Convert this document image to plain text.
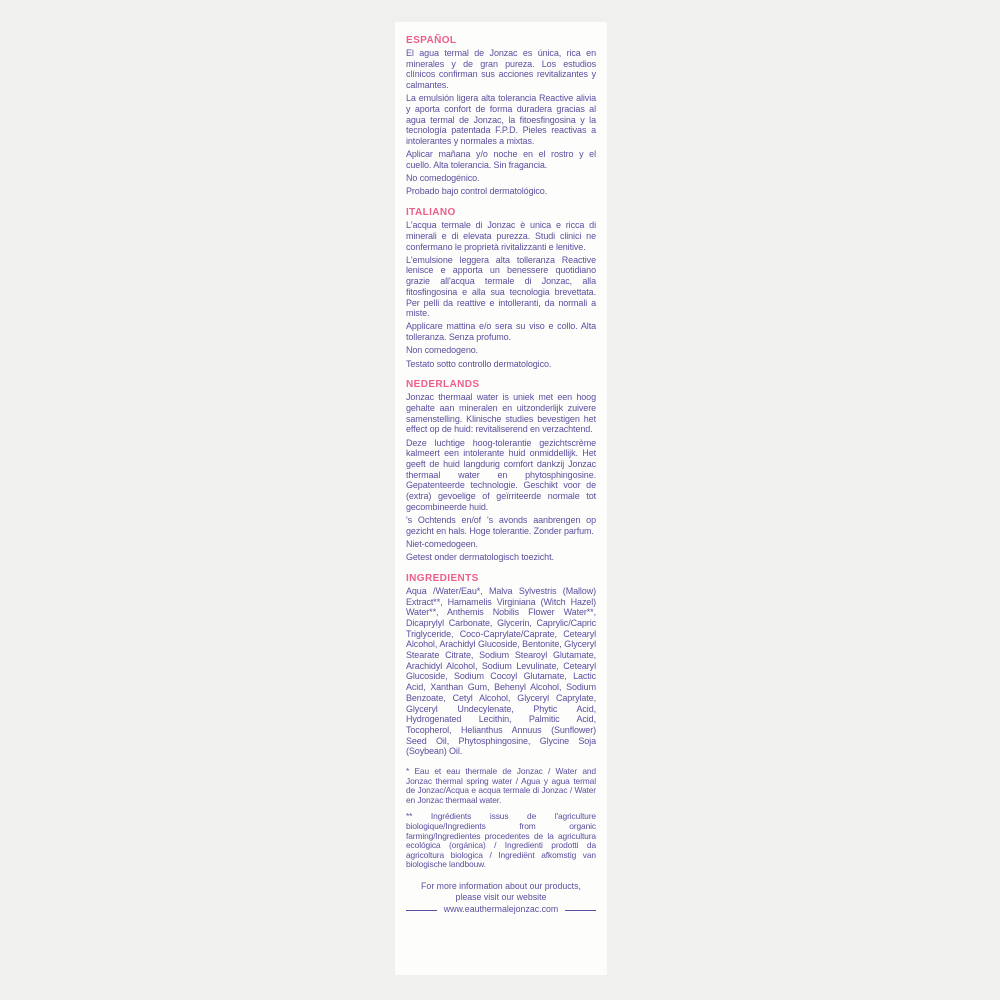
ESPAÑOL

El agua termal de Jonzac es única, rica en minerales y de gran pureza. Los estudios clínicos confirman sus acciones revitalizantes y calmantes.

La emulsión ligera alta tolerancia Reactive alivia y aporta confort de forma duradera gracias al agua termal de Jonzac, la fitoesfingosina y la tecnología patentada F.P.D. Pieles reactivas a intolerantes y normales a mixtas.

Aplicar mañana y/o noche en el rostro y el cuello. Alta tolerancia. Sin fragancia.

No comedogénico.

Probado bajo control dermatológico.

ITALIANO

L'acqua termale di Jonzac è unica e ricca di minerali e di elevata purezza. Studi clinici ne confermano le proprietà rivitalizzanti e lenitive.

L'emulsione leggera alta tolleranza Reactive lenisce e apporta un benessere quotidiano grazie all'acqua termale di Jonzac, alla fitosfingosina e alla sua tecnologia brevettata. Per pelli da reattive e intolleranti, da normali a miste.

Applicare mattina e/o sera su viso e collo. Alta tolleranza. Senza profumo.

Non comedogeno.

Testato sotto controllo dermatologico.

NEDERLANDS

Jonzac thermaal water is uniek met een hoog gehalte aan mineralen en uitzonderlijk zuivere samenstelling. Klinische studies bevestigen het effect op de huid: revitaliserend en verzachtend.

Deze luchtige hoog-tolerantie gezichtscrème kalmeert een intolerante huid onmiddellijk. Het geeft de huid langdurig comfort dankzij Jonzac thermaal water en phytosphingosine. Gepatenteerde technologie. Geschikt voor de (extra) gevoelige of geïrriteerde normale tot gecombineerde huid.

's Ochtends en/of 's avonds aanbrengen op gezicht en hals. Hoge tolerantie. Zonder parfum.

Niet-comedogeen.

Getest onder dermatologisch toezicht.

INGREDIENTS

Aqua /Water/Eau*, Malva Sylvestris (Mallow) Extract**, Hamamelis Virginiana (Witch Hazel) Water**, Anthemis Nobilis Flower Water**, Dicaprylyl Carbonate, Glycerin, Caprylic/Capric Triglyceride, Coco-Caprylate/Caprate, Cetearyl Alcohol, Arachidyl Glucoside, Bentonite, Glyceryl Stearate Citrate, Sodium Stearoyl Glutamate, Arachidyl Alcohol, Sodium Levulinate, Cetearyl Glucoside, Sodium Cocoyl Glutamate, Lactic Acid, Xanthan Gum, Behenyl Alcohol, Sodium Benzoate, Cetyl Alcohol, Glyceryl Caprylate, Glyceryl Undecylenate, Phytic Acid, Hydrogenated Lecithin, Palmitic Acid, Tocopherol, Helianthus Annuus (Sunflower) Seed Oil, Phytosphingosine, Glycine Soja (Soybean) Oil.

* Eau et eau thermale de Jonzac / Water and Jonzac thermal spring water / Agua y agua termal de Jonzac/Acqua e acqua termale di Jonzac / Water en Jonzac thermaal water.

** Ingrédients issus de l'agriculture biologique/Ingredients from organic farming/Ingredientes procedentes de la agricultura ecológica (orgánica) / Ingredienti prodotti da agricoltura biologica / Ingrediënt afkomstig van biologische landbouw.

For more information about our products,

please visit our website

www.eauthermalejonzac.com
